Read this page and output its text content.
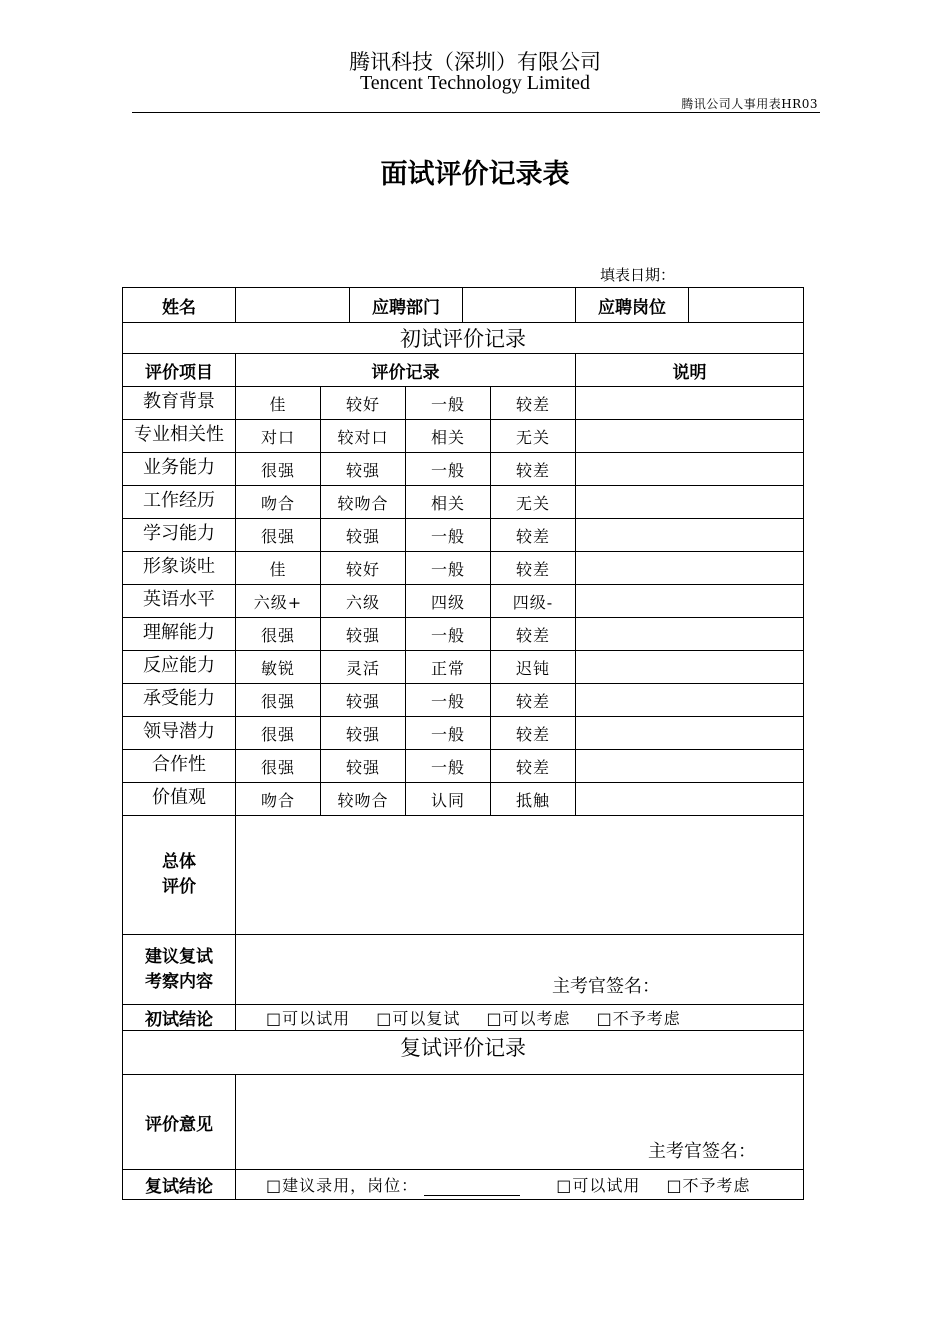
腾讯科技（深圳）有限公司
Tencent Technology Limited
腾讯公司人事用表HR03
面试评价记录表
填表日期：
姓名			应聘部门				应聘岗位	
初试评价记录								
评价项目	评价记录						说明	
教育背景	佳	较好		一般		较差		
专业相关性	对口	较对口		相关		无关		
业务能力	很强	较强		一般		较差		
工作经历	吻合	较吻合		相关		无关		
学习能力	很强	较强		一般		较差		
形象谈吐	佳	较好		一般		较差		
英语水平	六级+	六级		四级		四级-		
理解能力	很强	较强		一般		较差		
反应能力	敏锐	灵活		正常		迟钝		
承受能力	很强	较强		一般		较差		
领导潜力	很强	较强		一般		较差		
合作性	很强	较强		一般		较差		
价值观	吻合	较吻合		认同		抵触		

总体
评价								

建议复试
考察内容								

初试结论	□可以试用 □可以复试 □可以考虑 □不予考虑							
复试评价记录								
评价意见								
复试结论	□建议录用，岗位： □可以试用 □不予考虑							
主考官签名：
主考官签名：
